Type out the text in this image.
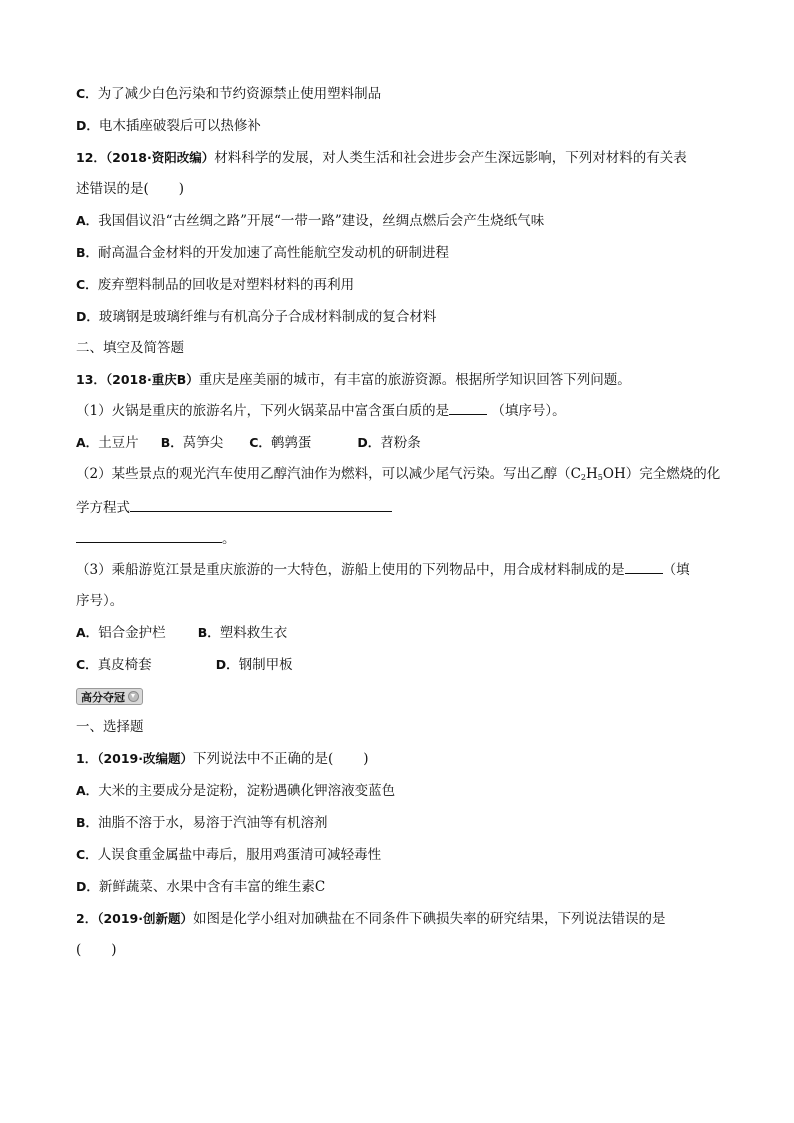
C．为了减少白色污染和节约资源禁止使用塑料制品
D．电木插座破裂后可以热修补
12．（2018·资阳改编）材料科学的发展，对人类生活和社会进步会产生深远影响，下列对材料的有关表
述错误的是( )
A．我国倡议沿“古丝绸之路”开展“一带一路”建设，丝绸点燃后会产生烧纸气味
B．耐高温合金材料的开发加速了高性能航空发动机的研制进程
C．废弃塑料制品的回收是对塑料材料的再利用
D．玻璃钢是玻璃纤维与有机高分子合成材料制成的复合材料
二、填空及简答题
13．（2018·重庆B）重庆是座美丽的城市，有丰富的旅游资源。根据所学知识回答下列问题。
（1）火锅是重庆的旅游名片，下列火锅菜品中富含蛋白质的是	（填序号）。
A．土豆片 B．莴笋尖 C．鹌鹑蛋	D．苕粉条
（2）某些景点的观光汽车使用乙醇汽油作为燃料，可以减少尾气污染。写出乙醇$(C_2H_5OH)$完全燃烧的化
学方程式
。
（3）乘船游览江景是重庆旅游的一大特色，游船上使用的下列物品中，用合成材料制成的是	（填
序号）。
A．铝合金护栏	B．塑料救生衣
C．真皮椅套	D．钢制甲板
高分夺冠
一、选择题
1．（2019·改编题）下列说法中不正确的是( )
A．大米的主要成分是淀粉，淀粉遇碘化钾溶液变蓝色
B．油脂不溶于水，易溶于汽油等有机溶剂
C．人误食重金属盐中毒后，服用鸡蛋清可减轻毒性
D．新鲜蔬菜、水果中含有丰富的维生素C
2．（2019·创新题）如图是化学小组对加碘盐在不同条件下碘损失率的研究结果，下列说法错误的是
( )
